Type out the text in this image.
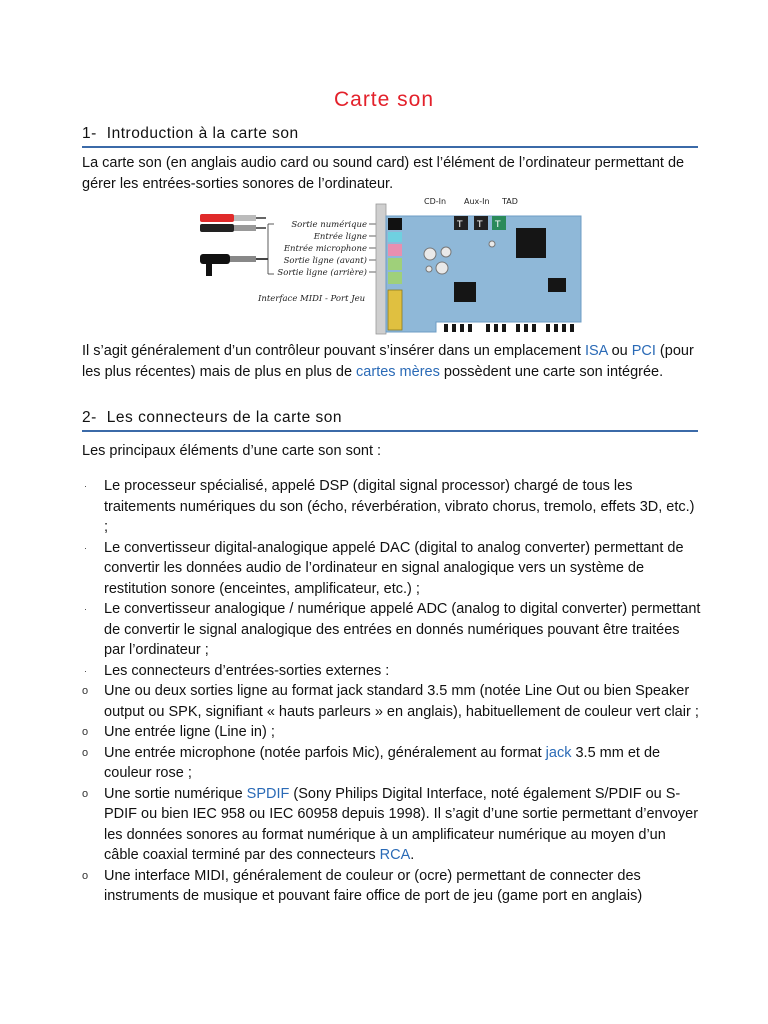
Carte son
1- Introduction à la carte son
La carte son (en anglais audio card ou sound card) est l’élément de l’ordinateur permettant de gérer les entrées-sorties sonores de l’ordinateur.
Sortie numérique
Entrée ligne
Entrée microphone
Sortie ligne (avant)
Sortie ligne (arrière)
Interface MIDI - Port Jeu
CD-In Aux-In TAD
T T T
Il s’agit généralement d’un contrôleur pouvant s’insérer dans un emplacement ISA ou PCI (pour les plus récentes) mais de plus en plus de cartes mères possèdent une carte son intégrée.
2- Les connecteurs de la carte son
Les principaux éléments d’une carte son sont :
·	Le processeur spécialisé, appelé DSP (digital signal processor) chargé de tous les traitements numériques du son (écho, réverbération, vibrato chorus, tremolo, effets 3D, etc.) ;
·	Le convertisseur digital-analogique appelé DAC (digital to analog converter) permettant de convertir les données audio de l’ordinateur en signal analogique vers un système de restitution sonore (enceintes, amplificateur, etc.) ;
·	Le convertisseur analogique / numérique appelé ADC (analog to digital converter) permettant de convertir le signal analogique des entrées en donnés numériques pouvant être traitées par l’ordinateur ;
·	Les connecteurs d’entrées-sorties externes :
o	Une ou deux sorties ligne au format jack standard 3.5 mm (notée Line Out ou bien Speaker output ou SPK, signifiant « hauts parleurs » en anglais), habituellement de couleur vert clair ;
o	Une entrée ligne (Line in) ;
o	Une entrée microphone (notée parfois Mic), généralement au format jack 3.5 mm et de couleur rose ;
o	Une sortie numérique SPDIF (Sony Philips Digital Interface, noté également S/PDIF ou S-PDIF ou bien IEC 958 ou IEC 60958 depuis 1998). Il s’agit d’une sortie permettant d’envoyer les données sonores au format numérique à un amplificateur numérique au moyen d’un câble coaxial terminé par des connecteurs RCA.
o	Une interface MIDI, généralement de couleur or (ocre) permettant de connecter des instruments de musique et pouvant faire office de port de jeu (game port en anglais)
